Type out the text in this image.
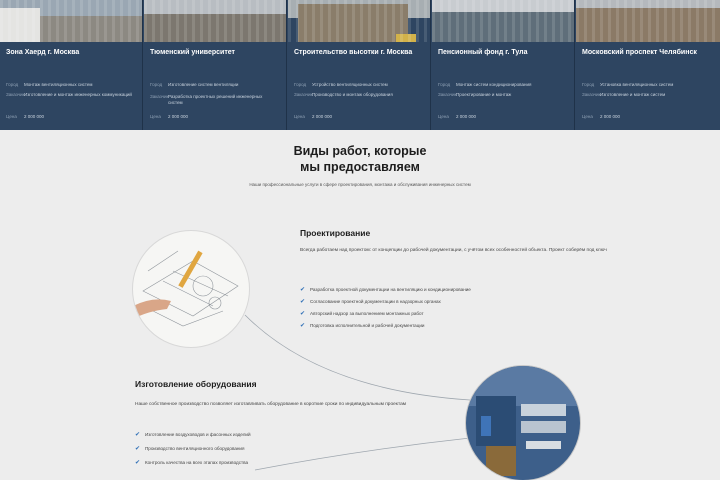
Зона Хаерд г. Москва
Город Монтаж вентиляционных систем
ЗаказчикИзготовление и монтаж инженерных коммуникаций
Цена 2 000 000
Тюменский университет
Город Изготовление систем вентиляции
ЗаказчикРазработка проектных решений инженерных систем
Цена 2 000 000
Строительство высотки г. Москва
Город Устройство вентиляционных систем
ЗаказчикПроизводство и монтаж оборудования
Цена 2 000 000
Пенсионный фонд г. Тула
Город Монтаж систем кондиционирования
ЗаказчикПроектирование и монтаж
Цена 2 000 000
Московский проспект Челябинск
Город Установка вентиляционных систем
ЗаказчикИзготовление и монтаж систем
Цена 2 000 000
Виды работ, которые
мы предоставляем
Наши профессиональные услуги в сфере проектирования, монтажа и обслуживания инженерных систем
Проектирование
Всегда работаем над проектом: от концепции до рабочей документации, с учётом всех особенностей объекта. Проект соберём под ключ
✔ Разработка проектной документации на вентиляцию и кондиционирование
✔ Согласование проектной документации в надзорных органах
✔ Авторский надзор за выполнением монтажных работ
✔ Подготовка исполнительной и рабочей документации
Изготовление оборудования
Наше собственное производство позволяет изготавливать оборудование в короткие сроки по индивидуальным проектам
✔ Изготовление воздуховодов и фасонных изделий
✔ Производство вентиляционного оборудования
✔ Контроль качества на всех этапах производства
